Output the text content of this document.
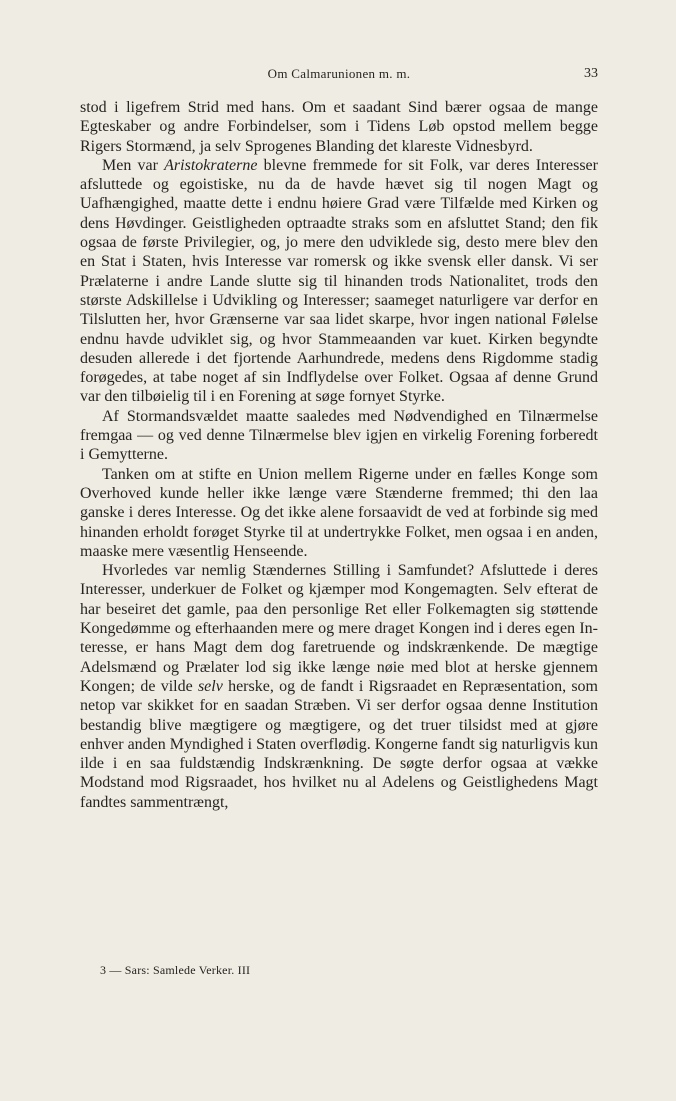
Om Calmarunionen m. m.	33

stod i ligefrem Strid med hans. Om et saadant Sind bærer ogsaa de mange Egteskaber og andre Forbindelser, som i Tidens Løb opstod mellem begge Rigers Stormænd, ja selv Sprogenes Blanding det klareste Vidnesbyrd.

Men var Aristokraterne blevne fremmede for sit Folk, var deres Interesser afsluttede og egoistiske, nu da de havde hævet sig til nogen Magt og Uafhængighed, maatte dette i endnu høiere Grad være Tilfælde med Kirken og dens Høvdinger. Geistligheden optraadte straks som en afsluttet Stand; den fik ogsaa de første Privilegier, og, jo mere den udviklede sig, desto mere blev den en Stat i Staten, hvis Interesse var romersk og ikke svensk eller dansk. Vi ser Prælaterne i andre Lande slutte sig til hinanden trods Nationalitet, trods den største Adskillelse i Udvikling og Interesser; saameget naturligere var derfor en Tilslutten her, hvor Grænserne var saa lidet skarpe, hvor ingen national Følelse endnu havde udviklet sig, og hvor Stammeaanden var kuet. Kirken begyndte desuden allerede i det fjortende Aarhundrede, medens dens Rigdomme stadig forøgedes, at tabe noget af sin Indflydelse over Folket. Ogsaa af denne Grund var den tilbøielig til i en Forening at søge fornyet Styrke.

Af Stormandsvældet maatte saaledes med Nødvendighed en Tilnærmelse fremgaa — og ved denne Tilnærmelse blev igjen en virkelig Forening forberedt i Gemytterne.

Tanken om at stifte en Union mellem Rigerne under en fælles Konge som Overhoved kunde heller ikke længe være Stænderne fremmed; thi den laa ganske i deres Interesse. Og det ikke alene forsaavidt de ved at forbinde sig med hinanden erholdt forøget Styrke til at undertrykke Folket, men ogsaa i en anden, maaske mere væsentlig Henseende.

Hvorledes var nemlig Stændernes Stilling i Samfundet? Afsluttede i deres Interesser, underkuer de Folket og kjæmper mod Kongemagten. Selv efterat de har beseiret det gamle, paa den personlige Ret eller Folkemagten sig støttende Kongedømme og efterhaanden mere og mere draget Kongen ind i deres egen Interesse, er hans Magt dem dog faretruende og indskrænkende. De mægtige Adelsmænd og Prælater lod sig ikke længe nøie med blot at herske gjennem Kongen; de vilde selv herske, og de fandt i Rigsraadet en Repræsentation, som netop var skikket for en saadan Stræben. Vi ser derfor ogsaa denne Institution bestandig blive mægtigere og mægtigere, og det truer tilsidst med at gjøre enhver anden Myndighed i Staten overflødig. Kongerne fandt sig naturligvis kun ilde i en saa fuldstændig Indskrænkning. De søgte derfor ogsaa at vække Modstand mod Rigsraadet, hos hvilket nu al Adelens og Geistlighedens Magt fandtes sammentrængt,

3 — Sars: Samlede Verker. III
